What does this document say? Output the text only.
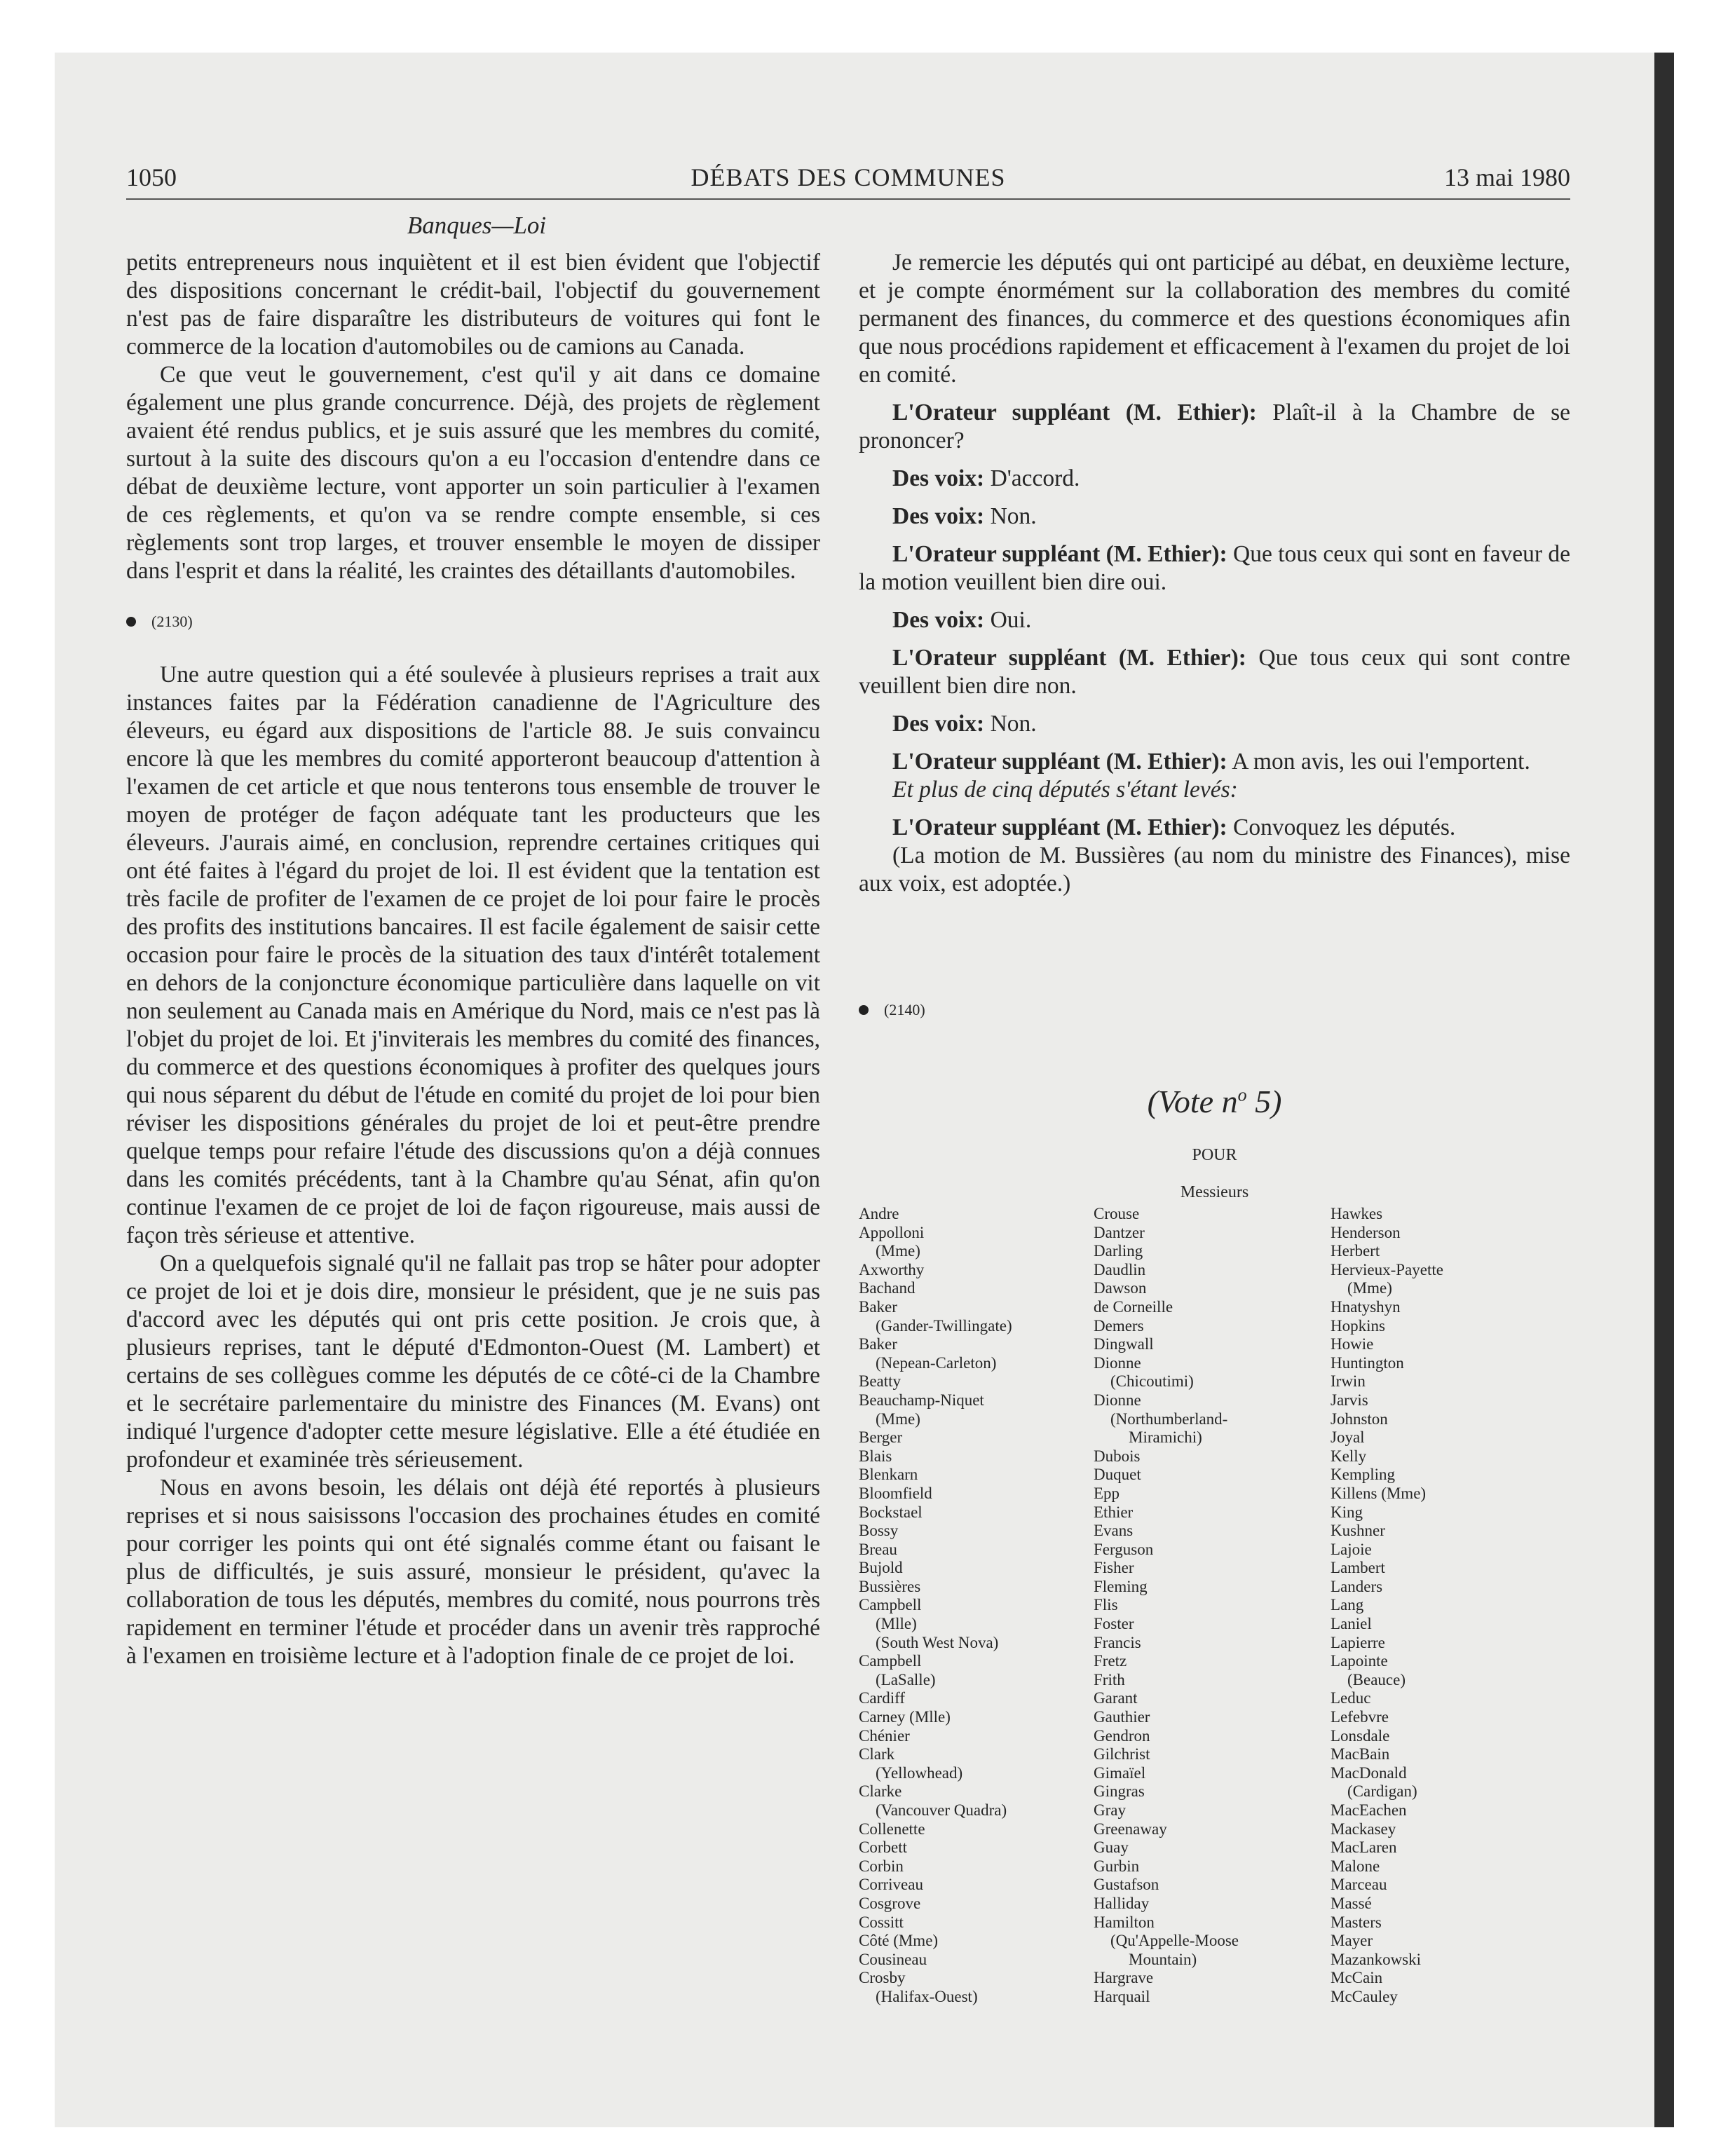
1050	DÉBATS DES COMMUNES	13 mai 1980
Banques—Loi

petits entrepreneurs nous inquiètent et il est bien évident que l'objectif des dispositions concernant le crédit-bail, l'objectif du gouvernement n'est pas de faire disparaître les distributeurs de voitures qui font le commerce de la location d'automobiles ou de camions au Canada.

Ce que veut le gouvernement, c'est qu'il y ait dans ce domaine également une plus grande concurrence. Déjà, des projets de règlement avaient été rendus publics, et je suis assuré que les membres du comité, surtout à la suite des discours qu'on a eu l'occasion d'entendre dans ce débat de deuxième lecture, vont apporter un soin particulier à l'examen de ces règlements, et qu'on va se rendre compte ensemble, si ces règlements sont trop larges, et trouver ensemble le moyen de dissiper dans l'esprit et dans la réalité, les craintes des détaillants d'automobiles.

(2130)

Une autre question qui a été soulevée à plusieurs reprises a trait aux instances faites par la Fédération canadienne de l'Agriculture des éleveurs, eu égard aux dispositions de l'article 88. Je suis convaincu encore là que les membres du comité apporteront beaucoup d'attention à l'examen de cet article et que nous tenterons tous ensemble de trouver le moyen de protéger de façon adéquate tant les producteurs que les éleveurs. J'aurais aimé, en conclusion, reprendre certaines critiques qui ont été faites à l'égard du projet de loi. Il est évident que la tentation est très facile de profiter de l'examen de ce projet de loi pour faire le procès des profits des institutions bancaires. Il est facile également de saisir cette occasion pour faire le procès de la situation des taux d'intérêt totalement en dehors de la conjoncture économique particulière dans laquelle on vit non seulement au Canada mais en Amérique du Nord, mais ce n'est pas là l'objet du projet de loi. Et j'inviterais les membres du comité des finances, du commerce et des questions économiques à profiter des quelques jours qui nous séparent du début de l'étude en comité du projet de loi pour bien réviser les dispositions générales du projet de loi et peut-être prendre quelque temps pour refaire l'étude des discussions qu'on a déjà connues dans les comités précédents, tant à la Chambre qu'au Sénat, afin qu'on continue l'examen de ce projet de loi de façon rigoureuse, mais aussi de façon très sérieuse et attentive.

On a quelquefois signalé qu'il ne fallait pas trop se hâter pour adopter ce projet de loi et je dois dire, monsieur le président, que je ne suis pas d'accord avec les députés qui ont pris cette position. Je crois que, à plusieurs reprises, tant le député d'Edmonton-Ouest (M. Lambert) et certains de ses collègues comme les députés de ce côté-ci de la Chambre et le secrétaire parlementaire du ministre des Finances (M. Evans) ont indiqué l'urgence d'adopter cette mesure législative. Elle a été étudiée en profondeur et examinée très sérieusement.

Nous en avons besoin, les délais ont déjà été reportés à plusieurs reprises et si nous saisissons l'occasion des prochaines études en comité pour corriger les points qui ont été signalés comme étant ou faisant le plus de difficultés, je suis assuré, monsieur le président, qu'avec la collaboration de tous les députés, membres du comité, nous pourrons très rapidement en terminer l'étude et procéder dans un avenir très rapproché à l'examen en troisième lecture et à l'adoption finale de ce projet de loi.

Je remercie les députés qui ont participé au débat, en deuxième lecture, et je compte énormément sur la collaboration des membres du comité permanent des finances, du commerce et des questions économiques afin que nous procédions rapidement et efficacement à l'examen du projet de loi en comité.

L'Orateur suppléant (M. Ethier): Plaît-il à la Chambre de se prononcer?

Des voix: D'accord.

Des voix: Non.

L'Orateur suppléant (M. Ethier): Que tous ceux qui sont en faveur de la motion veuillent bien dire oui.

Des voix: Oui.

L'Orateur suppléant (M. Ethier): Que tous ceux qui sont contre veuillent bien dire non.

Des voix: Non.

L'Orateur suppléant (M. Ethier): A mon avis, les oui l'emportent.

Et plus de cinq députés s'étant levés:

L'Orateur suppléant (M. Ethier): Convoquez les députés.

(La motion de M. Bussières (au nom du ministre des Finances), mise aux voix, est adoptée.)

(2140)
(Vote $n^o$ 5)
POUR
Messieurs
Andre
Appolloni
(Mme)
Axworthy
Bachand
Baker
(Gander-Twillingate)
Baker
(Nepean-Carleton)
Beatty
Beauchamp-Niquet
(Mme)
Berger
Blais
Blenkarn
Bloomfield
Bockstael
Bossy
Breau
Bujold
Bussières
Campbell
(Mlle)
(South West Nova)
Campbell
(LaSalle)
Cardiff
Carney (Mlle)
Chénier
Clark
(Yellowhead)
Clarke
(Vancouver Quadra)
Collenette
Corbett
Corbin
Corriveau
Cosgrove
Cossitt
Côté (Mme)
Cousineau
Crosby
(Halifax-Ouest)
Crouse
Dantzer
Darling
Daudlin
Dawson
de Corneille
Demers
Dingwall
Dionne
(Chicoutimi)
Dionne
(Northumberland-
Miramichi)
Dubois
Duquet
Epp
Ethier
Evans
Ferguson
Fisher
Fleming
Flis
Foster
Francis
Fretz
Frith
Garant
Gauthier
Gendron
Gilchrist
Gimaïel
Gingras
Gray
Greenaway
Guay
Gurbin
Gustafson
Halliday
Hamilton
(Qu'Appelle-Moose
Mountain)
Hargrave
Harquail
Hawkes
Henderson
Herbert
Hervieux-Payette
(Mme)
Hnatyshyn
Hopkins
Howie
Huntington
Irwin
Jarvis
Johnston
Joyal
Kelly
Kempling
Killens (Mme)
King
Kushner
Lajoie
Lambert
Landers
Lang
Laniel
Lapierre
Lapointe
(Beauce)
Leduc
Lefebvre
Lonsdale
MacBain
MacDonald
(Cardigan)
MacEachen
Mackasey
MacLaren
Malone
Marceau
Massé
Masters
Mayer
Mazankowski
McCain
McCauley
